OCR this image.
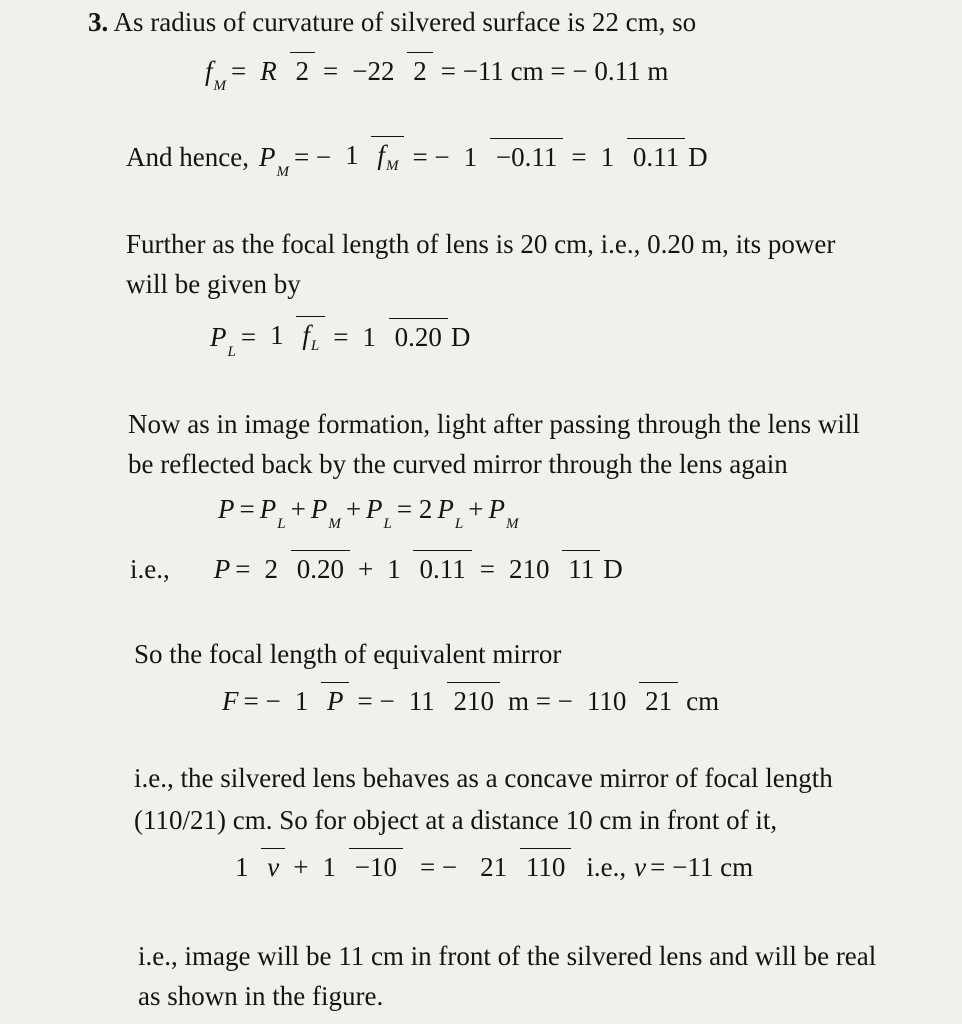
3. As radius of curvature of silvered surface is 22 cm, so
$f_M = R$ 2 = −22 2 = −11 cm = − 0.11 m
And hence, $P_M$ = − 1 $f_M$ = − 1 −0.11 = 1 0.11 D
Further as the focal length of lens is 20 cm, i.e., 0.20 m, its power
will be given by
$P_L = 1$ $f_L = 1$ 0.20 D
Now as in image formation, light after passing through the lens will
be reflected back by the curved mirror through the lens again
$P = P_L + P_M + P_L = 2$ $P_L + P_M$
i.e., P = 2 0.20 + 1 0.11 = 210 11 D
So the focal length of equivalent mirror
F = − 1 P = − 11 210 m = − 110 21 cm
i.e., the silvered lens behaves as a concave mirror of focal length
(110/21) cm. So for object at a distance 10 cm in front of it,
1 v + 1 −10 = − 21 110 i.e., v = −11 cm
i.e., image will be 11 cm in front of the silvered lens and will be real
as shown in the figure.
